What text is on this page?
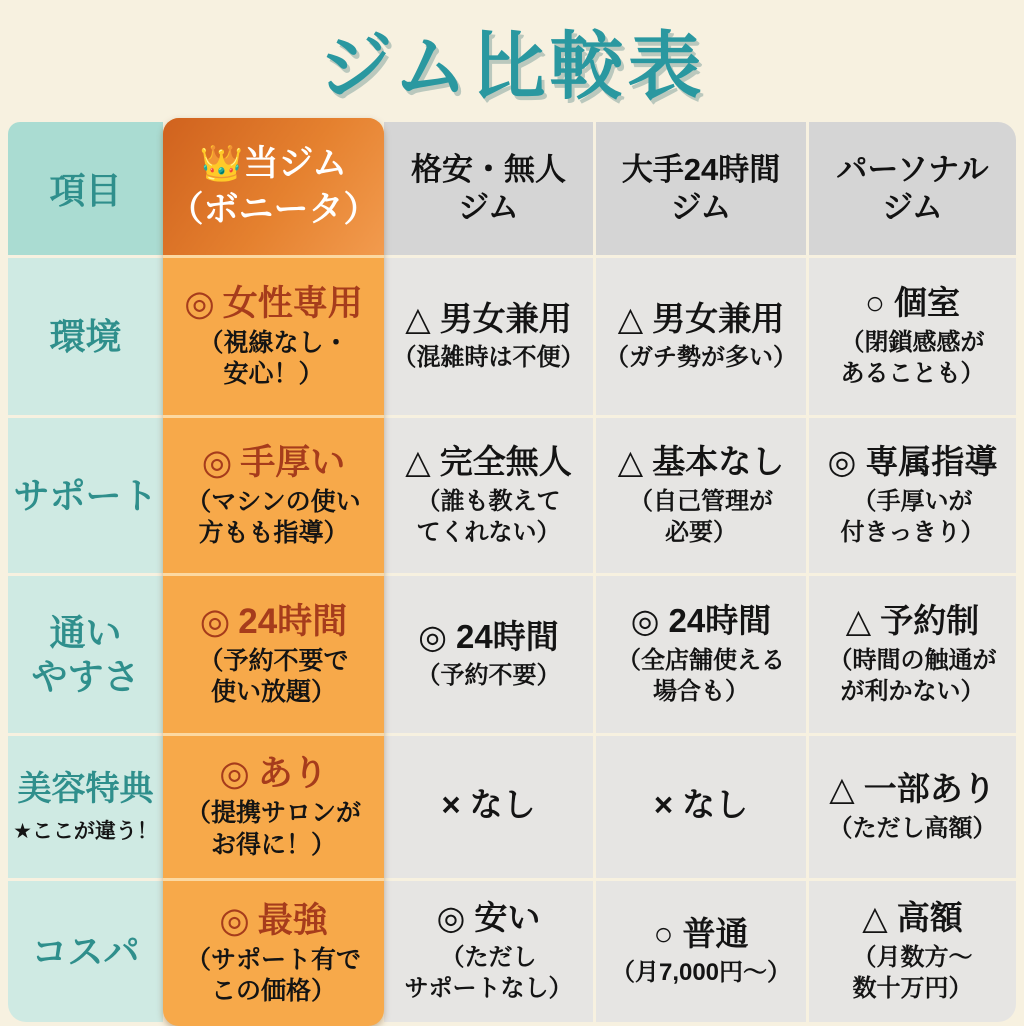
ジム比較表
項目
格安・無人
ジム
大手24時間
ジム
パーソナル
ジム
環境	△ 男女兼用
（混雑時は不便）
△ 男女兼用
（ガチ勢が多い）
○ 個室
（閉鎖感感が
あることも）
サポート
△ 完全無人
（誰も教えて
てくれない）
△ 基本なし
（自己管理が
必要）
◎ 専属指導
（手厚いが
付きっきり）
通い
やすさ
◎ 24時間
（予約不要）
◎ 24時間
（全店舗使える
場合も）
△ 予約制
（時間の触通が
が利かない）
美容特典
★ここが違う！
× なし	× なし △ 一部あり
（ただし高額）
コスパ
◎ 安い
（ただし
サポートなし）
○ 普通
（月7,000円〜）
△ 高額
（月数方〜
数十万円）
👑当ジム
（ボニータ）
◎ 女性専用
（視線なし・
安心！）
◎ 手厚い
（マシンの使い
方もも指導）
◎ 24時間
（予約不要で
使い放題）
◎ あり
（提携サロンが
お得に！）
◎ 最強
（サポート有で
この価格）
